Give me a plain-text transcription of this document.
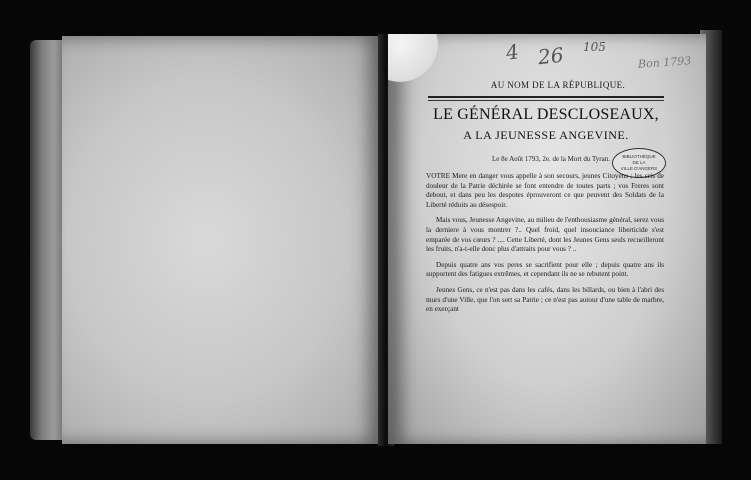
4 26 105
Bon 1793
AU NOM DE LA RÉPUBLIQUE.
LE GÉNÉRAL DESCLOSEAUX,
A LA JEUNESSE ANGEVINE.
Le 8e Août 1793, 2e. de la Mort du Tyran.	BIBLIOTHÈQUE
DE LA
VILLE D'ANGERS

VOTRE Mere en danger vous appelle à son secours, jeunes Citoyens ; les cris de douleur de la Patrie déchirée se font entendre de toutes parts ; vos Freres sont debout, et dans peu les despotes éprouveront ce que peuvent des Soldats de la Liberté réduits au désespoir.

Mais vous, Jeunesse Angevine, au milieu de l'enthousiasme général, serez vous la derniere à vous montrer ?.. Quel froid, quel insouciance liberticide s'est emparée de vos cœurs ? .... Cette Liberté, dont les Jeunes Gens seuls recueilleront les fruits, n'a-t-elle donc plus d'attraits pour vous ? ..

Depuis quatre ans vos peres se sacrifient pour elle ; depuis quatre ans ils supportent des fatigues extrêmes, et cependant ils ne se rebutent point.

Jeunes Gens, ce n'est pas dans les cafés, dans les billards, ou bien à l'abri des murs d'une Ville, que l'on sert sa Patrie ; ce n'est pas autour d'une table de marbre, en exerçant
